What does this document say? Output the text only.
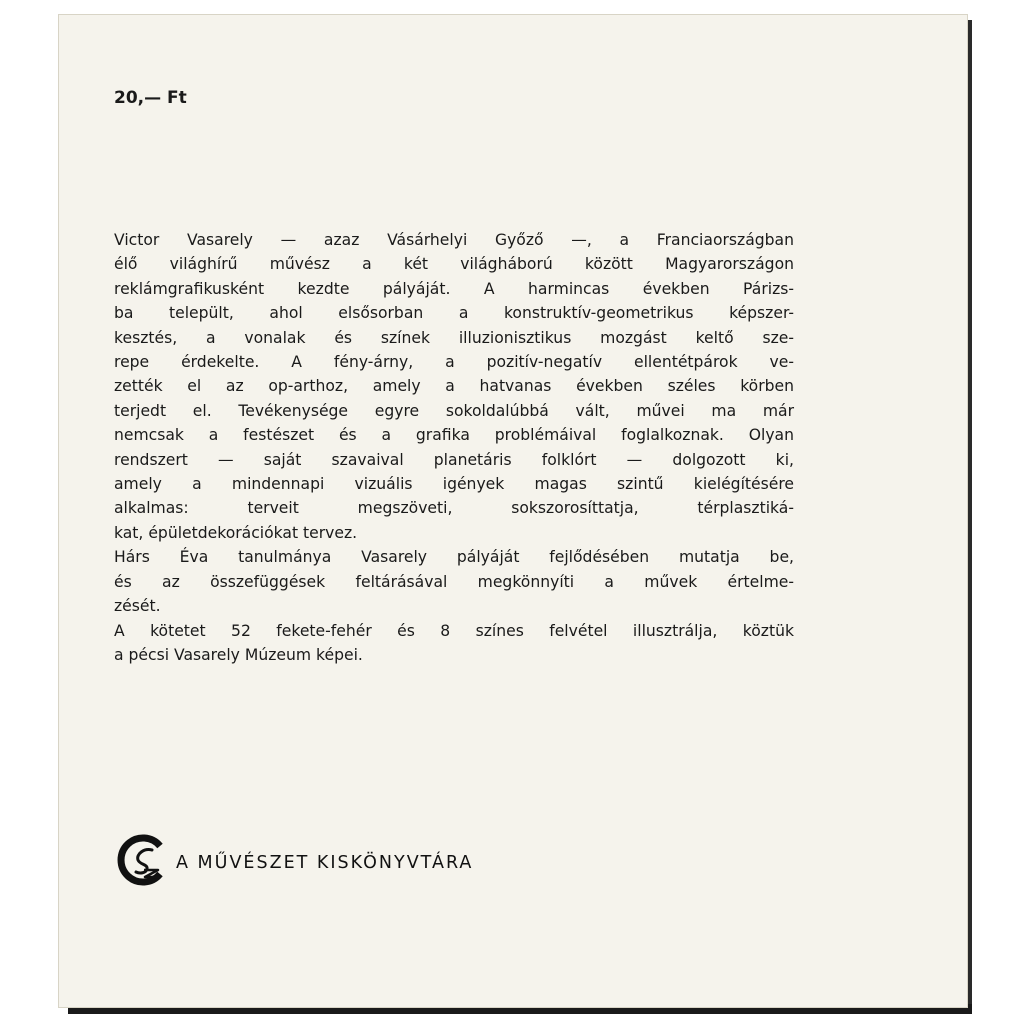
20,— Ft
Victor Vasarely — azaz Vásárhelyi Győző —, a Franciaországban
élő világhírű művész a két világháború között Magyarországon
reklámgrafikusként kezdte pályáját. A harmincas években Párizs-
ba települt, ahol elsősorban a konstruktív-geometrikus képszer-
kesztés, a vonalak és színek illuzionisztikus mozgást keltő sze-
repe érdekelte. A fény-árny, a pozitív-negatív ellentétpárok ve-
zették el az op-arthoz, amely a hatvanas években széles körben
terjedt el. Tevékenysége egyre sokoldalúbbá vált, művei ma már
nemcsak a festészet és a grafika problémáival foglalkoznak. Olyan
rendszert — saját szavaival planetáris folklórt — dolgozott ki,
amely a mindennapi vizuális igények magas szintű kielégítésére
alkalmas: terveit megszöveti, sokszorosíttatja, térplasztiká-
kat, épületdekorációkat tervez.
Hárs Éva tanulmánya Vasarely pályáját fejlődésében mutatja be,
és az összefüggések feltárásával megkönnyíti a művek értelme-
zését.
A kötetet 52 fekete-fehér és 8 színes felvétel illusztrálja, köztük
a pécsi Vasarely Múzeum képei.
A MŰVÉSZET KISKÖNYVTÁRA
